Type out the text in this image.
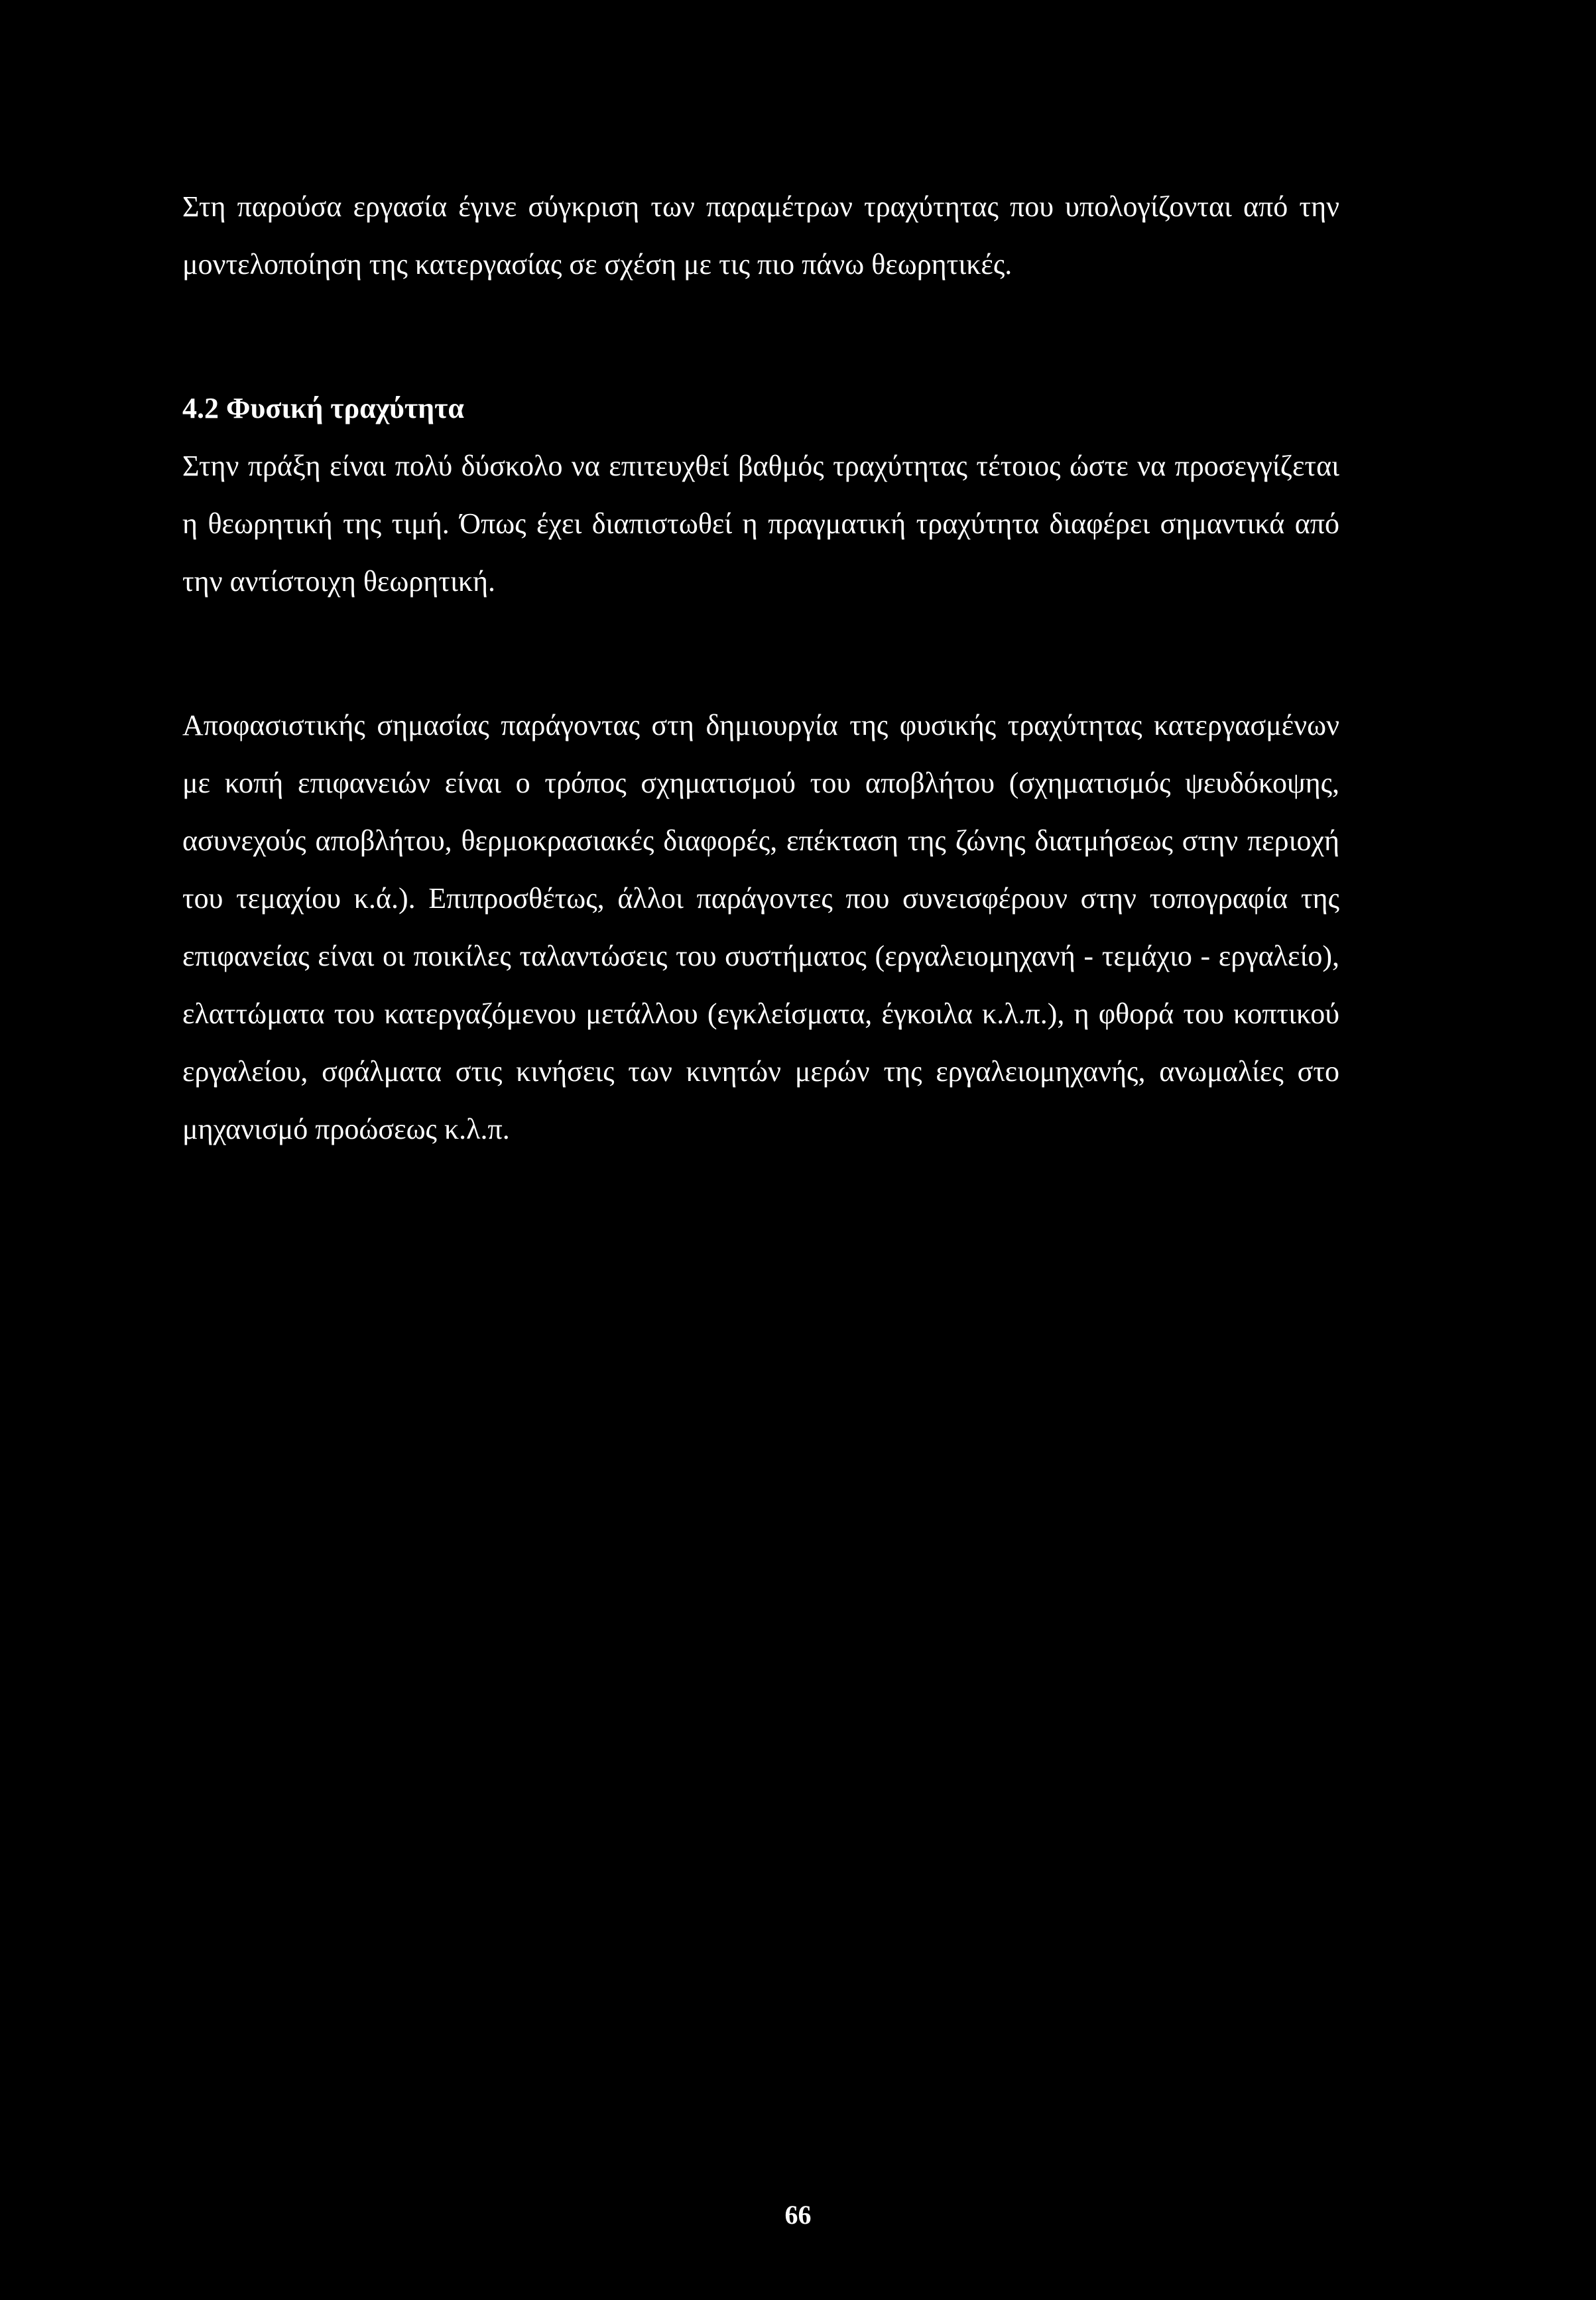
Στη παρούσα εργασία έγινε σύγκριση των παραμέτρων τραχύτητας που υπολογίζονται από την μοντελοποίηση της κατεργασίας σε σχέση με τις πιο πάνω θεωρητικές.

4.2 Φυσική τραχύτητα

Στην πράξη είναι πολύ δύσκολο να επιτευχθεί βαθμός τραχύτητας τέτοιος ώστε να προσεγγίζεται η θεωρητική της τιμή. Όπως έχει διαπιστωθεί η πραγματική τραχύτητα διαφέρει σημαντικά από την αντίστοιχη θεωρητική.

Αποφασιστικής σημασίας παράγοντας στη δημιουργία της φυσικής τραχύτητας κατεργασμένων με κοπή επιφανειών είναι ο τρόπος σχηματισμού του αποβλήτου (σχηματισμός ψευδόκοψης, ασυνεχούς αποβλήτου, θερμοκρασιακές διαφορές, επέκταση της ζώνης διατμήσεως στην περιοχή του τεμαχίου κ.ά.). Επιπροσθέτως, άλλοι παράγοντες που συνεισφέρουν στην τοπογραφία της επιφανείας είναι οι ποικίλες ταλαντώσεις του συστήματος (εργαλειομηχανή - τεμάχιο - εργαλείο), ελαττώματα του κατεργαζόμενου μετάλλου (εγκλείσματα, έγκοιλα κ.λ.π.), η φθορά του κοπτικού εργαλείου, σφάλματα στις κινήσεις των κινητών μερών της εργαλειομηχανής, ανωμαλίες στο μηχανισμό προώσεως κ.λ.π.

66
